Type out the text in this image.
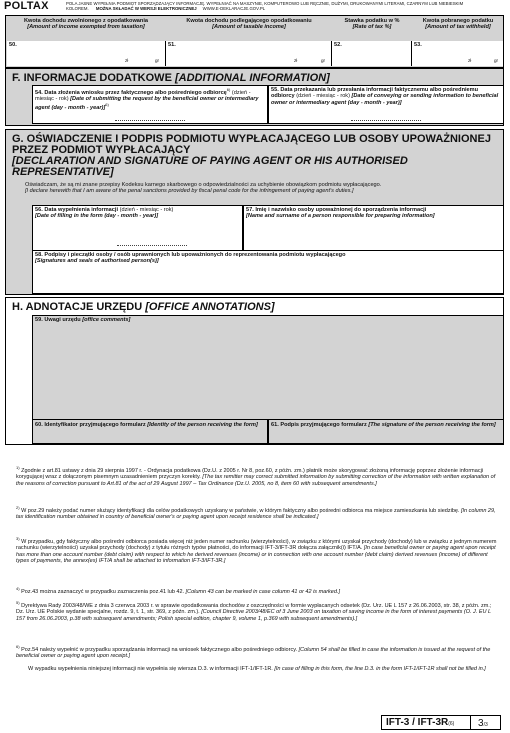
POLTAX	POLA JASNE WYPEŁNIA PODMIOT SPORZĄDZAJĄCY INFORMACJĘ. WYPEŁNIAĆ NA MASZYNIE, KOMPUTEROWO LUB RĘCZNIE, DUŻYMI, DRUKOWANYMI LITERAMI, CZARNYM LUB NIEBIESKIM
KOLOREM. MOŻNA SKŁADAĆ W WERSJI ELEKTRONICZNEJ WWW.E-DEKLARACJE.GOV.PL
Kwota dochodu zwolnionego z opodatkowania
[Amount of income exempted from taxation]
Kwota dochodu podlegającego opodatkowaniu
[Amount of taxable income]
Stawka podatku w %
[Rate of tax %]
Kwota pobranego podatku
[Amount of tax withheld]
50.
zł	gr
51.
zł	gr
52.	53.
zł	gr
F. INFORMACJE DODATKOWE [ADDITIONAL INFORMATION]
54. Data złożenia wniosku przez faktycznego albo pośredniego odbiorcę$^{6)}$ (dzień - miesiąc - rok) [Date of submitting the request by the beneficial owner or intermediary agent (day - month - year)]$^{6)}$
55. Data przekazania lub przesłania informacji faktycznemu albo pośredniemu odbiorcy (dzień - miesiąc - rok) [Date of conveying or sending information to beneficial owner or intermediary agent (day - month - year)]
G. OŚWIADCZENIE I PODPIS PODMIOTU WYPŁACAJĄCEGO LUB OSOBY UPOWAŻNIONEJ PRZEZ PODMIOT WYPŁACAJĄCY
[DECLARATION AND SIGNATURE OF PAYING AGENT OR HIS AUTHORISED REPRESENTATIVE]
Oświadczam, że są mi znane przepisy Kodeksu karnego skarbowego o odpowiedzialności za uchybienie obowiązkom podmiotu wypłacającego.
[I declare herewith that I am aware of the penal sanctions provided by fiscal penal code for the infringement of paying agent's duties.]
56. Data wypełnienia informacji (dzień - miesiąc - rok)
[Date of filling in the form (day - month - year)]
57. Imię i nazwisko osoby upoważnionej do sporządzenia informacji
[Name and surname of a person responsible for preparing information]
58. Podpisy i pieczątki osoby / osób uprawnionych lub upoważnionych do reprezentowania podmiotu wypłacającego
[Signatures and seals of authorised person(s)]
H. ADNOTACJE URZĘDU [OFFICE ANNOTATIONS]
59. Uwagi urzędu [office comments]
60. Identyfikator przyjmującego formularz [Identity of the person receiving the form]	61. Podpis przyjmującego formularz [The signature of the person receiving the form]
$^{1)}$ Zgodnie z art.81 ustawy z dnia 29 sierpnia 1997 r. - Ordynacja podatkowa (Dz.U. z 2005 r. Nr 8, poz.60, z późn. zm.) płatnik może skorygować złożoną informację poprzez złożenie informacji korygującej wraz z dołączonym pisemnym uzasadnieniem przyczyn korekty. [The tax remitter may correct submitted information by submitting correction of the information with written explanation of the reasons of correction pursuant to Art.81 of the act of 29 August 1997 – Tax Ordinance (Dz.U. 2005, no 8, item 60 with subsequent amendments.]
$^{2)}$ W poz.29 należy podać numer służący identyfikacji dla celów podatkowych uzyskany w państwie, w którym faktyczny albo pośredni odbiorca ma miejsce zamieszkania lub siedzibę. [In column 29, tax identification number obtained in country of beneficial owner's or paying agent upon receipt residence shall be indicated.]
$^{3)}$ W przypadku, gdy faktyczny albo pośredni odbiorca posiada więcej niż jeden numer rachunku (wierzytelności), w związku z którymi uzyskał przychody (dochody) lub w związku z jednym numerem rachunku (wierzytelności) uzyskał przychody (dochody) z tytułu różnych typów płatności, do informacji IFT-3/IFT-3R dołącza załącznik(i) IFT/A. [In case beneficial owner or paying agent upon receipt has more than one account number (debt claim) with respect to which he derived revenues (income) or in connection with one account number (debt claim) derived revenues (income) of different types of payments, the annex(es) IFT/A shall be attached to information IFT-3/IFT-3R.]
$^{4)}$ Poz.43 można zaznaczyć w przypadku zaznaczenia poz.41 lub 42. [Column 43 can be marked in case column 41 or 42 is marked.]
$^{5)}$ Dyrektywa Rady 2003/48/WE z dnia 3 czerwca 2003 r. w sprawie opodatkowania dochodów z oszczędności w formie wypłacanych odsetek (Dz. Urz. UE L 157 z 26.06.2003, str. 38, z późn. zm.; Dz. Urz. UE Polskie wydanie specjalne, rozdz. 9, t. 1, str. 369, z późn. zm.). [Council Directive 2003/48/EC of 3 June 2003 on taxation of saving income in the form of interest payments (O. J. EU L 157 from 26.06.2003, p.38 with subsequent amendments; Polish special edition, chapter 9, volume 1, p.369 with subsequent amendments).]
$^{6)}$ Poz.54 należy wypełnić w przypadku sporządzania informacji na wniosek faktycznego albo pośredniego odbiorcy. [Column 54 shall be filled in case the information is issued at the request of the beneficial owner or paying agent upon receipt.]
W wypadku wypełnienia niniejszej informacji nie wypełnia się wiersza D.3. w informacji IFT-1/IFT-1R. [In case of filling in this form, the line D.3. in the form IFT-1/IFT-1R shall not be filled in.]
IFT-3 / IFT-3R(6) 3/3
